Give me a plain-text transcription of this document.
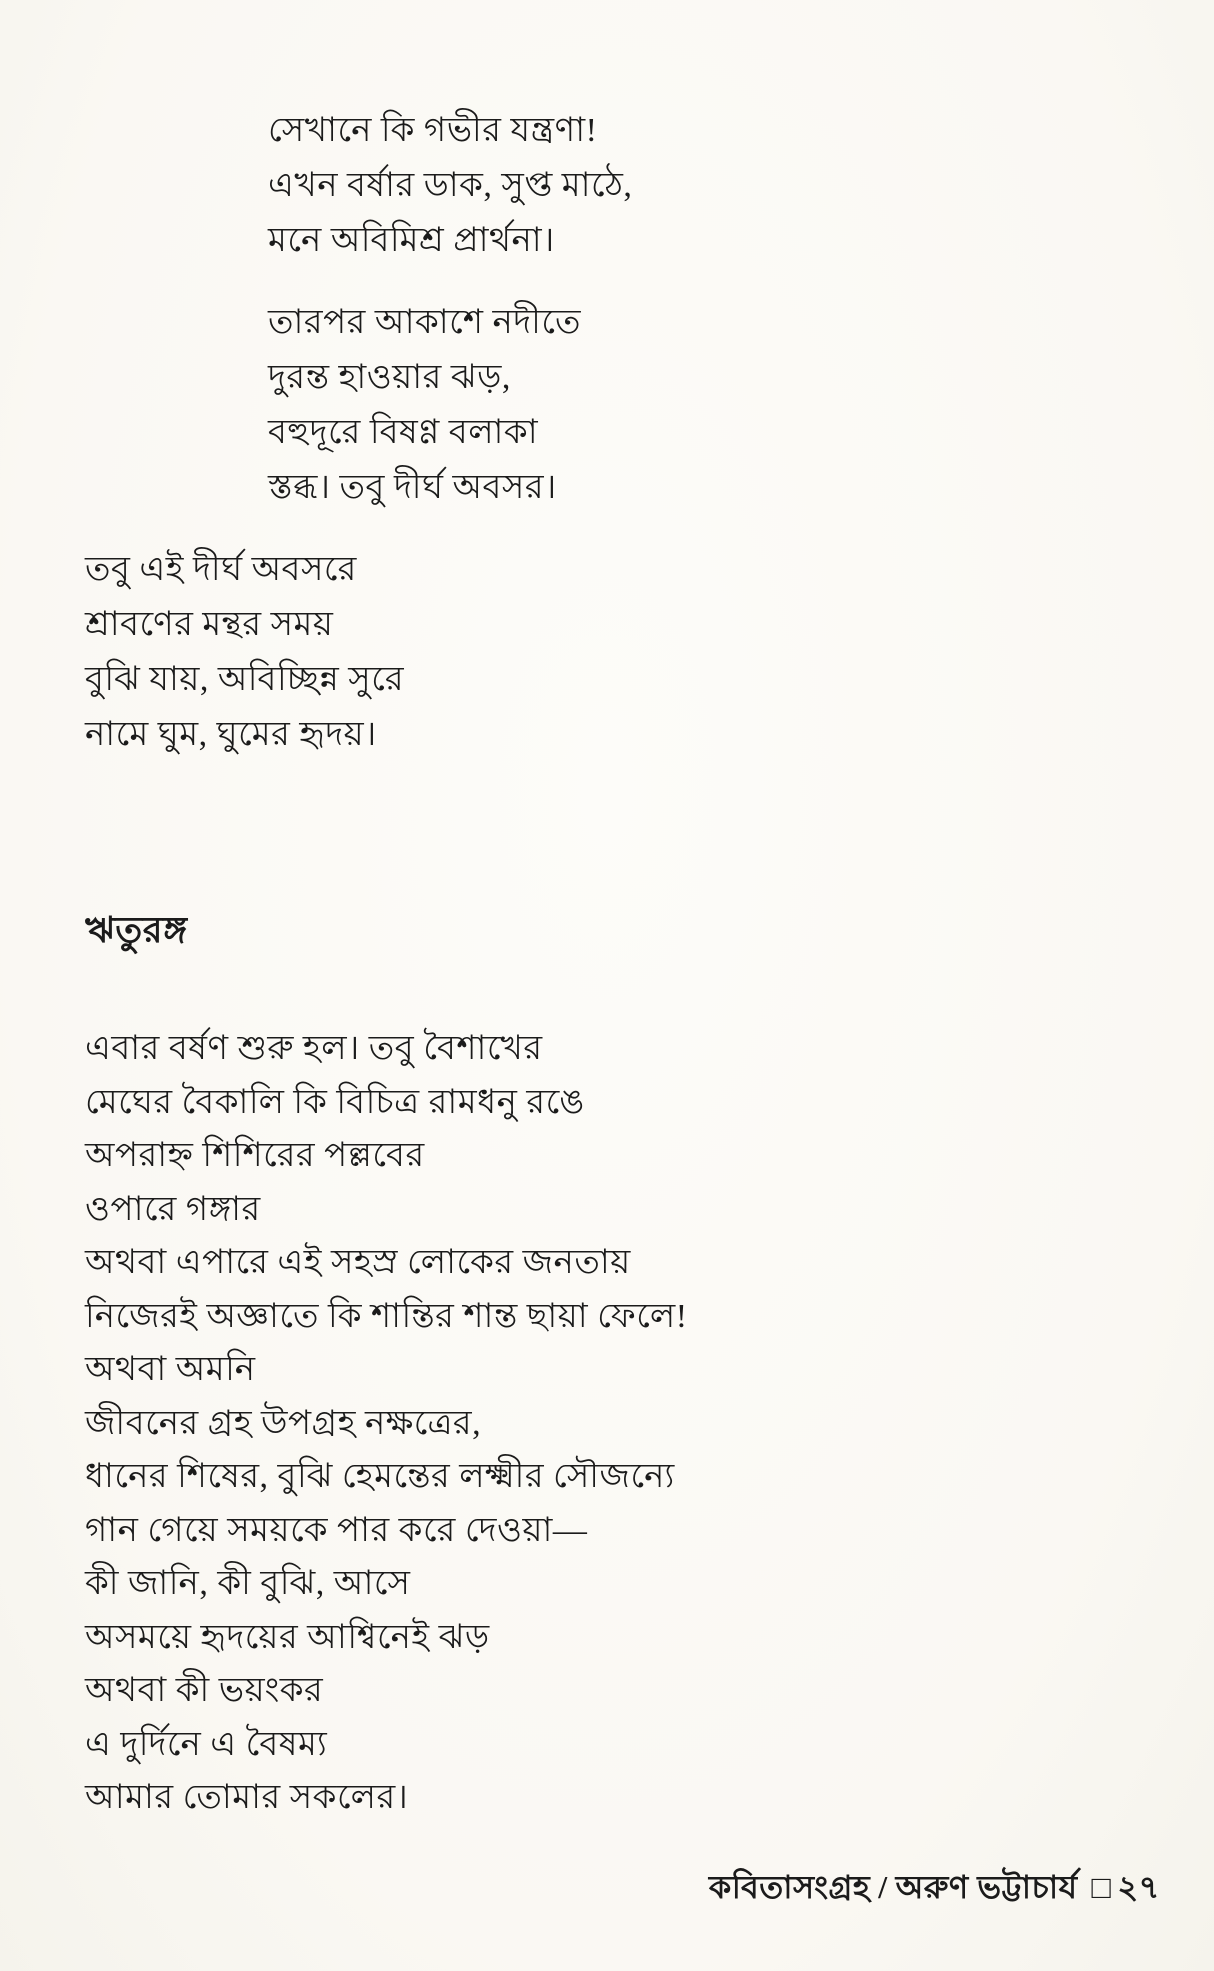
সেখানে কি গভীর যন্ত্রণা!
এখন বর্ষার ডাক, সুপ্ত মাঠে,
মনে অবিমিশ্র প্রার্থনা।
তারপর আকাশে নদীতে
দুরন্ত হাওয়ার ঝড়,
বহুদূরে বিষণ্ণ বলাকা
স্তব্ধ। তবু দীর্ঘ অবসর।
তবু এই দীর্ঘ অবসরে
শ্রাবণের মন্থর সময়
বুঝি যায়, অবিচ্ছিন্ন সুরে
নামে ঘুম, ঘুমের হৃদয়।
ঋতুরঙ্গ
এবার বর্ষণ শুরু হল। তবু বৈশাখের
মেঘের বৈকালি কি বিচিত্র রামধনু রঙে
অপরাহ্ন শিশিরের পল্লবের
ওপারে গঙ্গার
অথবা এপারে এই সহস্র লোকের জনতায়
নিজেরই অজ্ঞাতে কি শান্তির শান্ত ছায়া ফেলে!
অথবা অমনি
জীবনের গ্রহ উপগ্রহ নক্ষত্রের,
ধানের শিষের, বুঝি হেমন্তের লক্ষ্মীর সৌজন্যে
গান গেয়ে সময়কে পার করে দেওয়া—
কী জানি, কী বুঝি, আসে
অসময়ে হৃদয়ের আশ্বিনেই ঝড়
অথবা কী ভয়ংকর
এ দুর্দিনে এ বৈষম্য
আমার তোমার সকলের।
কবিতাসংগ্রহ / অরুণ ভট্টাচার্য □ ২৭
